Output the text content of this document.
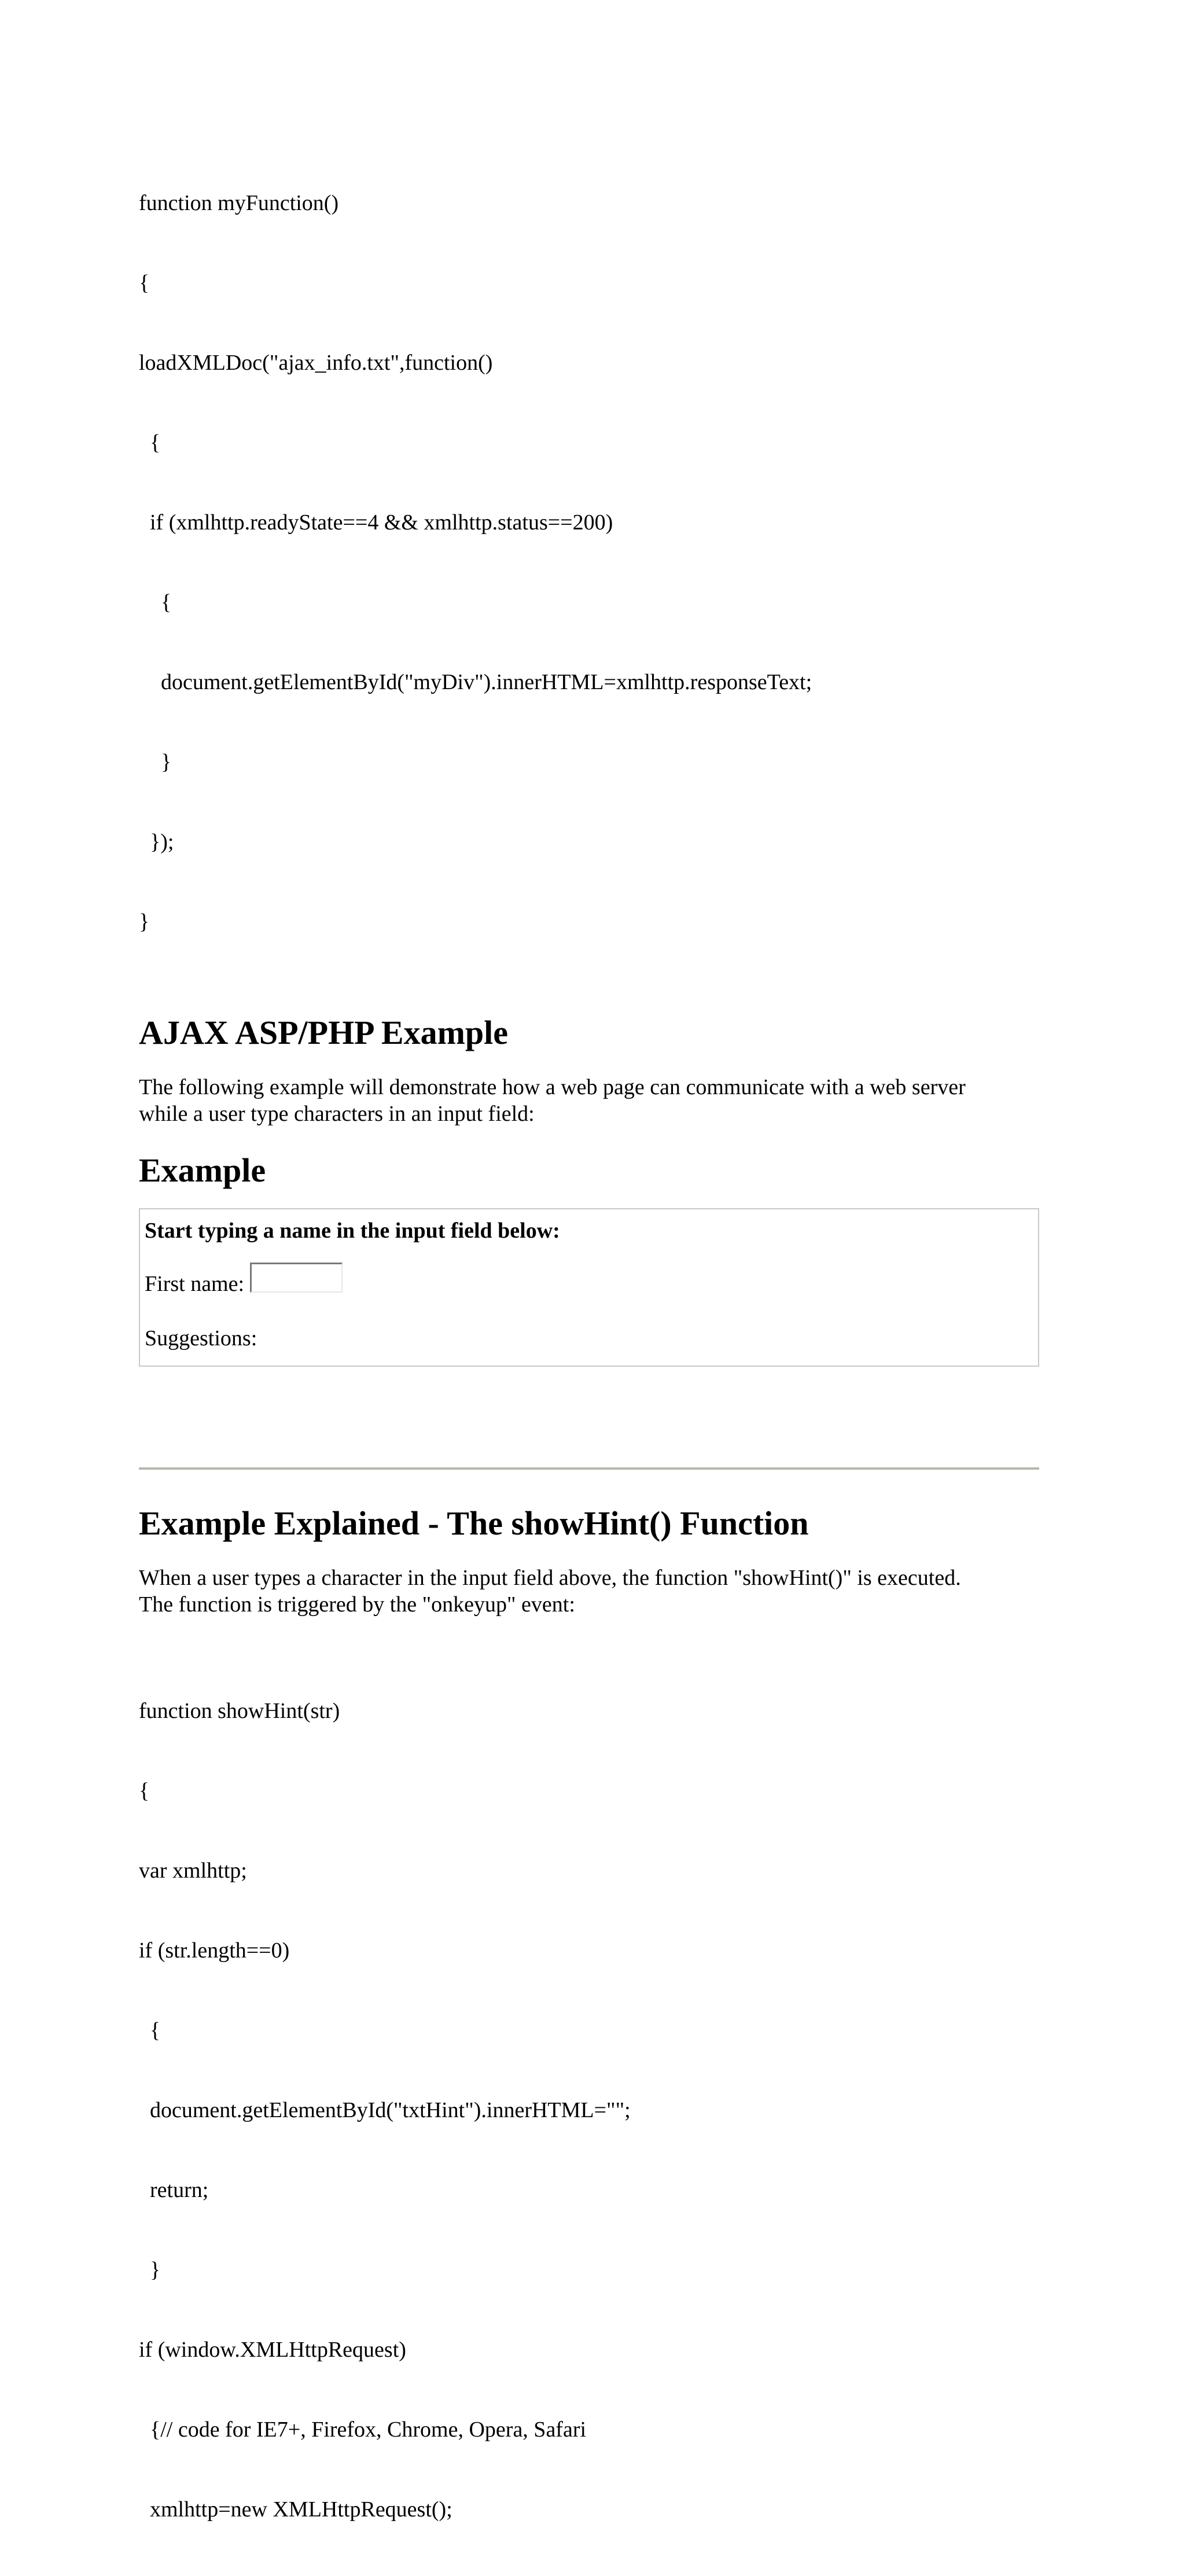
function myFunction()

{

loadXMLDoc("ajax_info.txt",function()

{

if (xmlhttp.readyState==4 && xmlhttp.status==200)

{

document.getElementById("myDiv").innerHTML=xmlhttp.responseText;

}

});

}

AJAX ASP/PHP Example

The following example will demonstrate how a web page can communicate with a web server

while a user type characters in an input field:

Example
Start typing a name in the input field below:
First name:
Suggestions:
Example Explained - The showHint() Function

When a user types a character in the input field above, the function "showHint()" is executed.

The function is triggered by the "onkeyup" event:

function showHint(str)

{

var xmlhttp;

if (str.length==0)

{

document.getElementById("txtHint").innerHTML="";

return;

}

if (window.XMLHttpRequest)

{// code for IE7+, Firefox, Chrome, Opera, Safari

xmlhttp=new XMLHttpRequest();
